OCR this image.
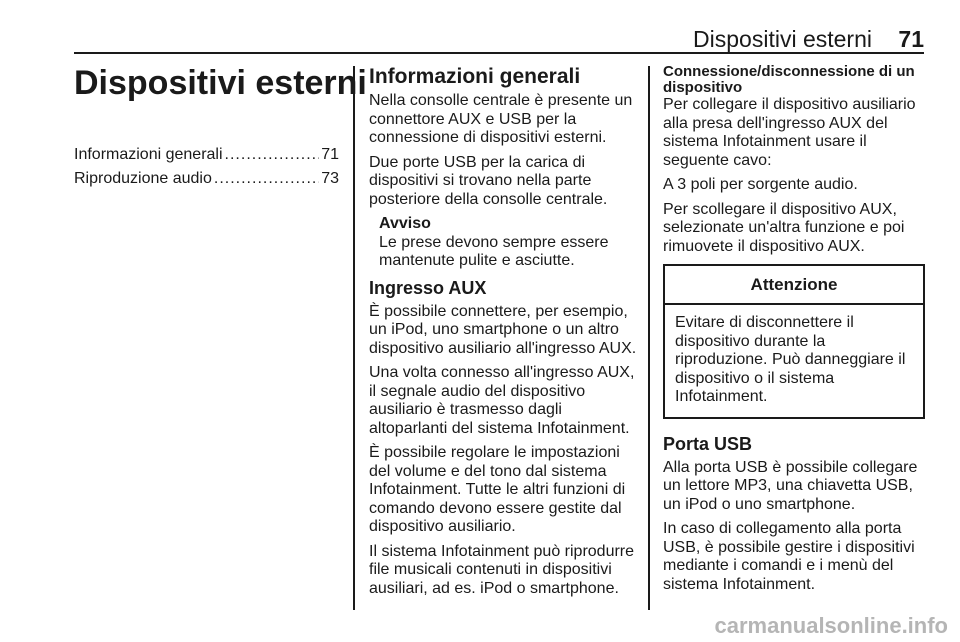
Dispositivi esterni 71
Dispositivi esterni
Informazioni generali .....	71
Riproduzione audio .....	73
Informazioni generali

Nella consolle centrale è presente un connettore AUX e USB per la connessione di dispositivi esterni.

Due porte USB per la carica di dispositivi si trovano nella parte posteriore della consolle centrale.

Avviso
Le prese devono sempre essere mantenute pulite e asciutte.
Ingresso AUX

È possibile connettere, per esempio, un iPod, uno smartphone o un altro dispositivo ausiliario all'ingresso AUX.

Una volta connesso all'ingresso AUX, il segnale audio del dispositivo ausiliario è trasmesso dagli altoparlanti del sistema Infotainment.

È possibile regolare le impostazioni del volume e del tono dal sistema Infotainment. Tutte le altri funzioni di comando devono essere gestite dal dispositivo ausiliario.

Il sistema Infotainment può riprodurre file musicali contenuti in dispositivi ausiliari, ad es. iPod o smartphone.

Connessione/disconnessione di un dispositivo

Per collegare il dispositivo ausiliario alla presa dell'ingresso AUX del sistema Infotainment usare il seguente cavo:

A 3 poli per sorgente audio.

Per scollegare il dispositivo AUX, selezionate un'altra funzione e poi rimuovete il dispositivo AUX.

Attenzione
Evitare di disconnettere il dispositivo durante la riproduzione. Può danneggiare il dispositivo o il sistema Infotainment.
Porta USB

Alla porta USB è possibile collegare un lettore MP3, una chiavetta USB, un iPod o uno smartphone.

In caso di collegamento alla porta USB, è possibile gestire i dispositivi mediante i comandi e i menù del sistema Infotainment.

carmanualsonline.info
